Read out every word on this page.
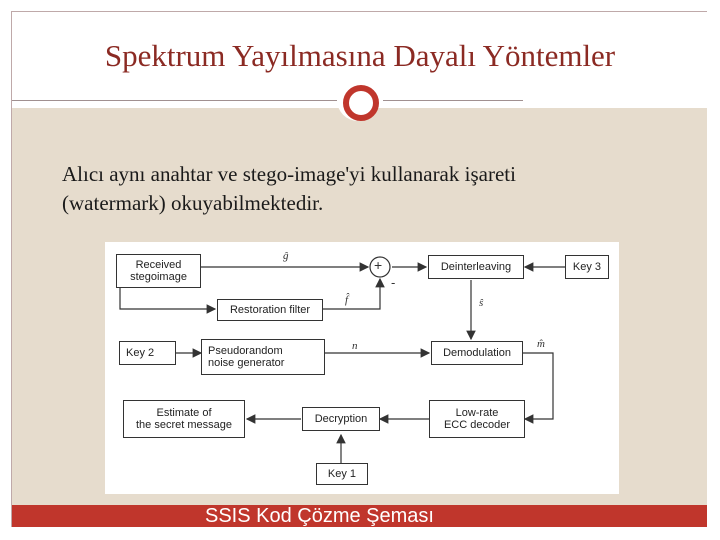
Spektrum Yayılmasına Dayalı Yöntemler
Alıcı aynı anahtar ve stego-image'yi kullanarak işareti
(watermark) okuyabilmektedir.
Received
stegoimage
Restoration filter
Key 2	Pseudorandom
noise generator
Estimate of
the secret message	Decryption
Key 1
Deinterleaving	Key 3
Demodulation
Low-rate
ECC decoder
+
-
ĝ
f̂
n
ŝ
m̂
SSIS Kod Çözme Şeması
